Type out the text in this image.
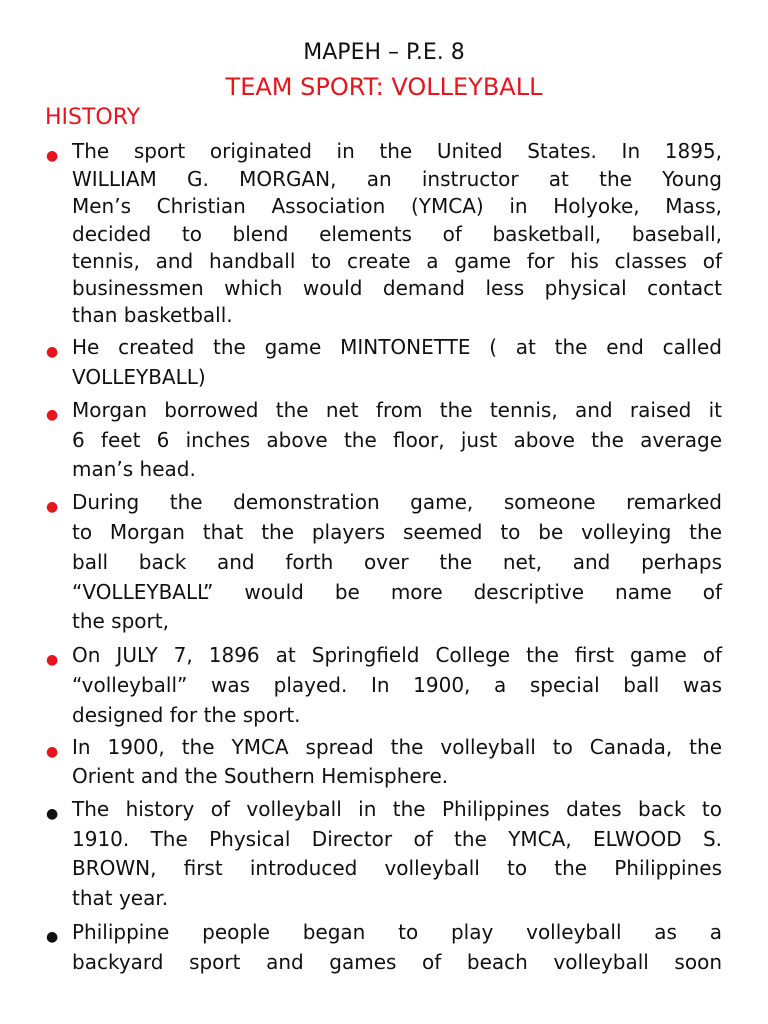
MAPEH – P.E. 8
TEAM SPORT: VOLLEYBALL
HISTORY
● The sport originated in the United States. In 1895,
WILLIAM G. MORGAN, an instructor at the Young
Men’s Christian Association (YMCA) in Holyoke, Mass,
decided to blend elements of basketball, baseball,
tennis, and handball to create a game for his classes of
businessmen which would demand less physical contact
than basketball.
● He created the game MINTONETTE ( at the end called
VOLLEYBALL)
● Morgan borrowed the net from the tennis, and raised it
6 feet 6 inches above the floor, just above the average
man’s head.
● During the demonstration game, someone remarked
to Morgan that the players seemed to be volleying the
ball back and forth over the net, and perhaps
“VOLLEYBALL” would be more descriptive name of
the sport,
● On JULY 7, 1896 at Springfield College the first game of
“volleyball” was played. In 1900, a special ball was
designed for the sport.
● In 1900, the YMCA spread the volleyball to Canada, the
Orient and the Southern Hemisphere.
● The history of volleyball in the Philippines dates back to
1910. The Physical Director of the YMCA, ELWOOD S.
BROWN, first introduced volleyball to the Philippines
that year.
● Philippine people began to play volleyball as a
backyard sport and games of beach volleyball soon
